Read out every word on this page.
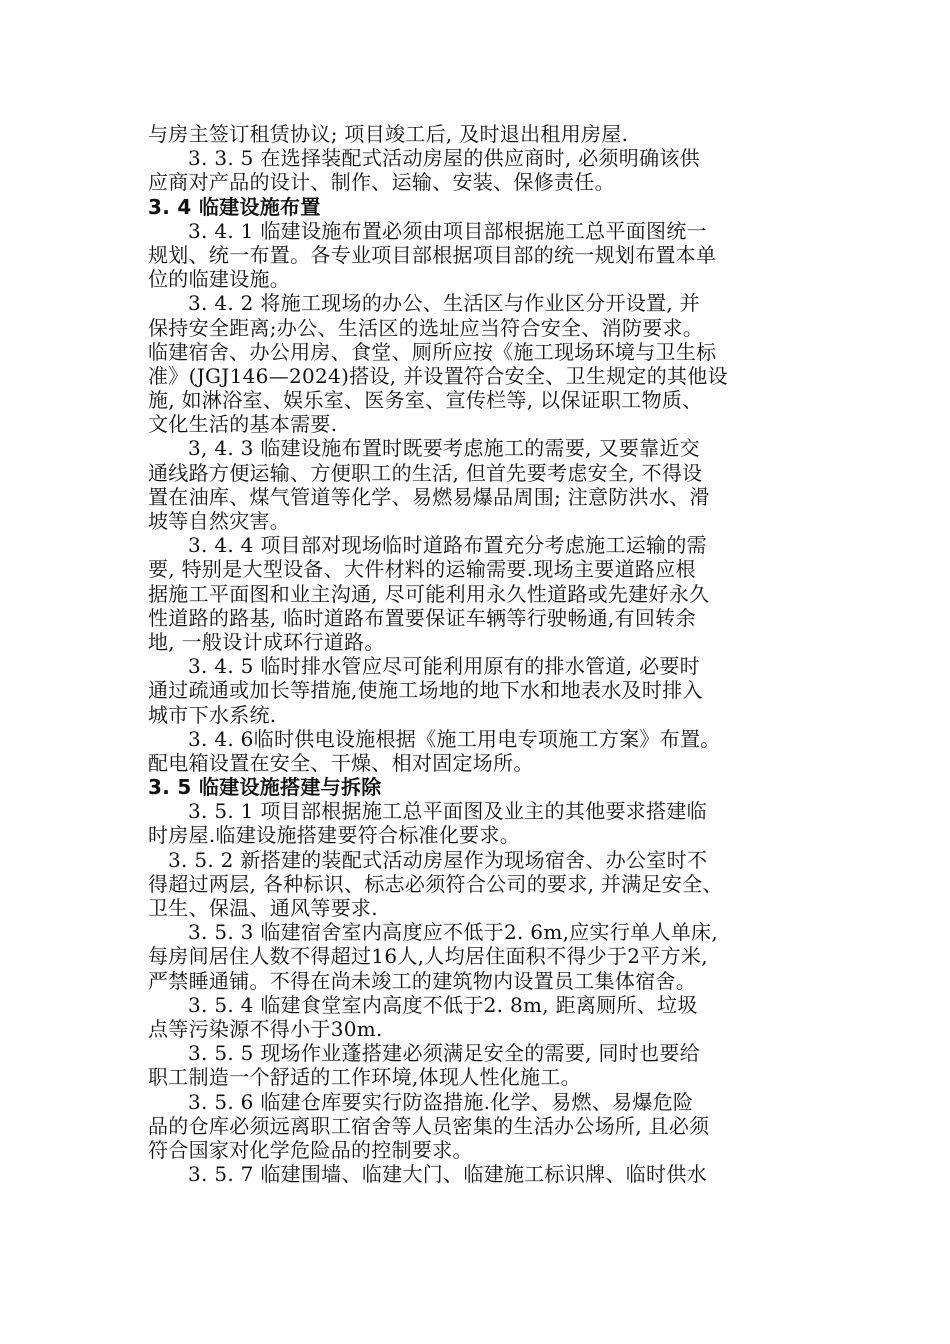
与房主签订租赁协议; 项目竣工后, 及时退出租用房屋.
3. 3. 5 在选择装配式活动房屋的供应商时, 必须明确该供
应商对产品的设计、制作、运输、安装、保修责任。
3. 4 临建设施布置
3. 4. 1 临建设施布置必须由项目部根据施工总平面图统一
规划、统一布置。各专业项目部根据项目部的统一规划布置本单
位的临建设施。
3. 4. 2 将施工现场的办公、生活区与作业区分开设置, 并
保持安全距离;办公、生活区的选址应当符合安全、消防要求。
临建宿舍、办公用房、食堂、厕所应按《施工现场环境与卫生标
准》(JGJ146—2024)搭设, 并设置符合安全、卫生规定的其他设
施, 如淋浴室、娱乐室、医务室、宣传栏等, 以保证职工物质、
文化生活的基本需要.
3, 4. 3 临建设施布置时既要考虑施工的需要, 又要靠近交
通线路方便运输、方便职工的生活, 但首先要考虑安全, 不得设
置在油库、煤气管道等化学、易燃易爆品周围; 注意防洪水、滑
坡等自然灾害。
3. 4. 4 项目部对现场临时道路布置充分考虑施工运输的需
要, 特别是大型设备、大件材料的运输需要.现场主要道路应根
据施工平面图和业主沟通, 尽可能利用永久性道路或先建好永久
性道路的路基, 临时道路布置要保证车辆等行驶畅通,有回转余
地, 一般设计成环行道路。
3. 4. 5 临时排水管应尽可能利用原有的排水管道, 必要时
通过疏通或加长等措施,使施工场地的地下水和地表水及时排入
城市下水系统.
3. 4. 6临时供电设施根据《施工用电专项施工方案》布置。
配电箱设置在安全、干燥、相对固定场所。
3. 5 临建设施搭建与拆除
3. 5. 1 项目部根据施工总平面图及业主的其他要求搭建临
时房屋.临建设施搭建要符合标准化要求。
3. 5. 2 新搭建的装配式活动房屋作为现场宿舍、办公室时不
得超过两层, 各种标识、标志必须符合公司的要求, 并满足安全、
卫生、保温、通风等要求.
3. 5. 3 临建宿舍室内高度应不低于2. 6m,应实行单人单床,
每房间居住人数不得超过16人,人均居住面积不得少于2平方米,
严禁睡通铺。不得在尚未竣工的建筑物内设置员工集体宿舍。
3. 5. 4 临建食堂室内高度不低于2. 8m, 距离厕所、垃圾
点等污染源不得小于30m.
3. 5. 5 现场作业蓬搭建必须满足安全的需要, 同时也要给
职工制造一个舒适的工作环境,体现人性化施工。
3. 5. 6 临建仓库要实行防盗措施.化学、易燃、易爆危险
品的仓库必须远离职工宿舍等人员密集的生活办公场所, 且必须
符合国家对化学危险品的控制要求。
3. 5. 7 临建围墙、临建大门、临建施工标识牌、临时供水
